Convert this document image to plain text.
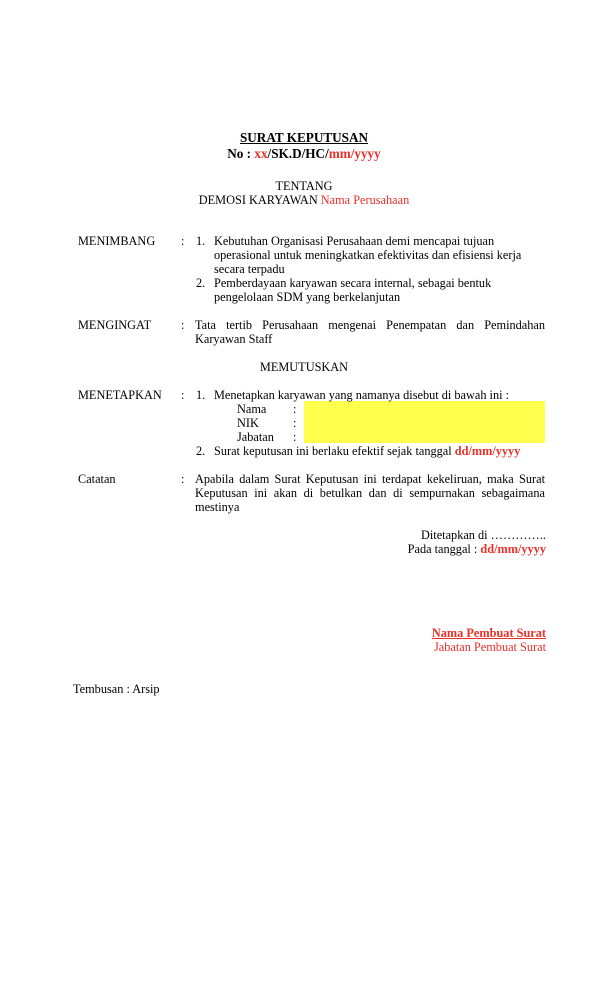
SURAT KEPUTUSAN
No : xx/SK.D/HC/mm/yyyy
TENTANG
DEMOSI KARYAWAN Nama Perusahaan
MENIMBANG : 1. Kebutuhan Organisasi Perusahaan demi mencapai tujuan operasional untuk meningkatkan efektivitas dan efisiensi kerja secara terpadu
2. Pemberdayaan karyawan secara internal, sebagai bentuk pengelolaan SDM yang berkelanjutan
MENGINGAT : Tata tertib Perusahaan mengenai Penempatan dan Pemindahan Karyawan Staff
MEMUTUSKAN
MENETAPKAN : 1. Menetapkan karyawan yang namanya disebut di bawah ini :
Nama :
NIK	:
Jabatan :
2. Surat keputusan ini berlaku efektif sejak tanggal dd/mm/yyyy
Catatan	: Apabila dalam Surat Keputusan ini terdapat kekeliruan, maka Surat Keputusan ini akan di betulkan dan di sempurnakan sebagaimana mestinya
Ditetapkan di …………..
Pada tanggal : dd/mm/yyyy
Nama Pembuat Surat
Jabatan Pembuat Surat
Tembusan : Arsip
